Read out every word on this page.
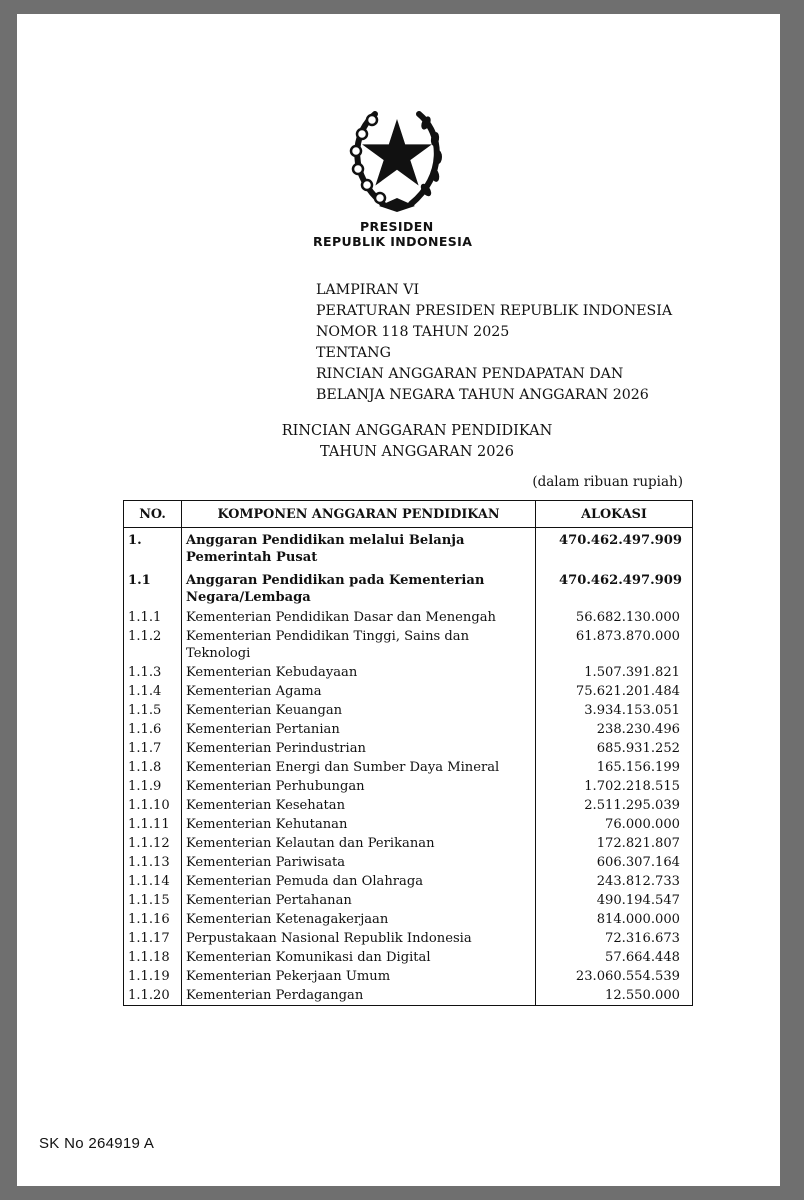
PRESIDEN
REPUBLIK INDONESIA
LAMPIRAN VI
PERATURAN PRESIDEN REPUBLIK INDONESIA
NOMOR 118 TAHUN 2025
TENTANG
RINCIAN ANGGARAN PENDAPATAN DAN
BELANJA NEGARA TAHUN ANGGARAN 2026
RINCIAN ANGGARAN PENDIDIKAN
TAHUN ANGGARAN 2026
(dalam ribuan rupiah)
NO.	KOMPONEN ANGGARAN PENDIDIKAN	ALOKASI
1.	Anggaran Pendidikan melalui Belanja Pemerintah Pusat	470.462.497.909
1.1	Anggaran Pendidikan pada Kementerian Negara/Lembaga	470.462.497.909
1.1.1	Kementerian Pendidikan Dasar dan Menengah	56.682.130.000
1.1.2	Kementerian Pendidikan Tinggi, Sains dan Teknologi	61.873.870.000
1.1.3	Kementerian Kebudayaan	1.507.391.821
1.1.4	Kementerian Agama	75.621.201.484
1.1.5	Kementerian Keuangan	3.934.153.051
1.1.6	Kementerian Pertanian	238.230.496
1.1.7	Kementerian Perindustrian	685.931.252
1.1.8	Kementerian Energi dan Sumber Daya Mineral	165.156.199
1.1.9	Kementerian Perhubungan	1.702.218.515
1.1.10	Kementerian Kesehatan	2.511.295.039
1.1.11	Kementerian Kehutanan	76.000.000
1.1.12	Kementerian Kelautan dan Perikanan	172.821.807
1.1.13	Kementerian Pariwisata	606.307.164
1.1.14	Kementerian Pemuda dan Olahraga	243.812.733
1.1.15	Kementerian Pertahanan	490.194.547
1.1.16	Kementerian Ketenagakerjaan	814.000.000
1.1.17	Perpustakaan Nasional Republik Indonesia	72.316.673
1.1.18	Kementerian Komunikasi dan Digital	57.664.448
1.1.19	Kementerian Pekerjaan Umum	23.060.554.539
1.1.20	Kementerian Perdagangan	12.550.000
SK No 264919 A
